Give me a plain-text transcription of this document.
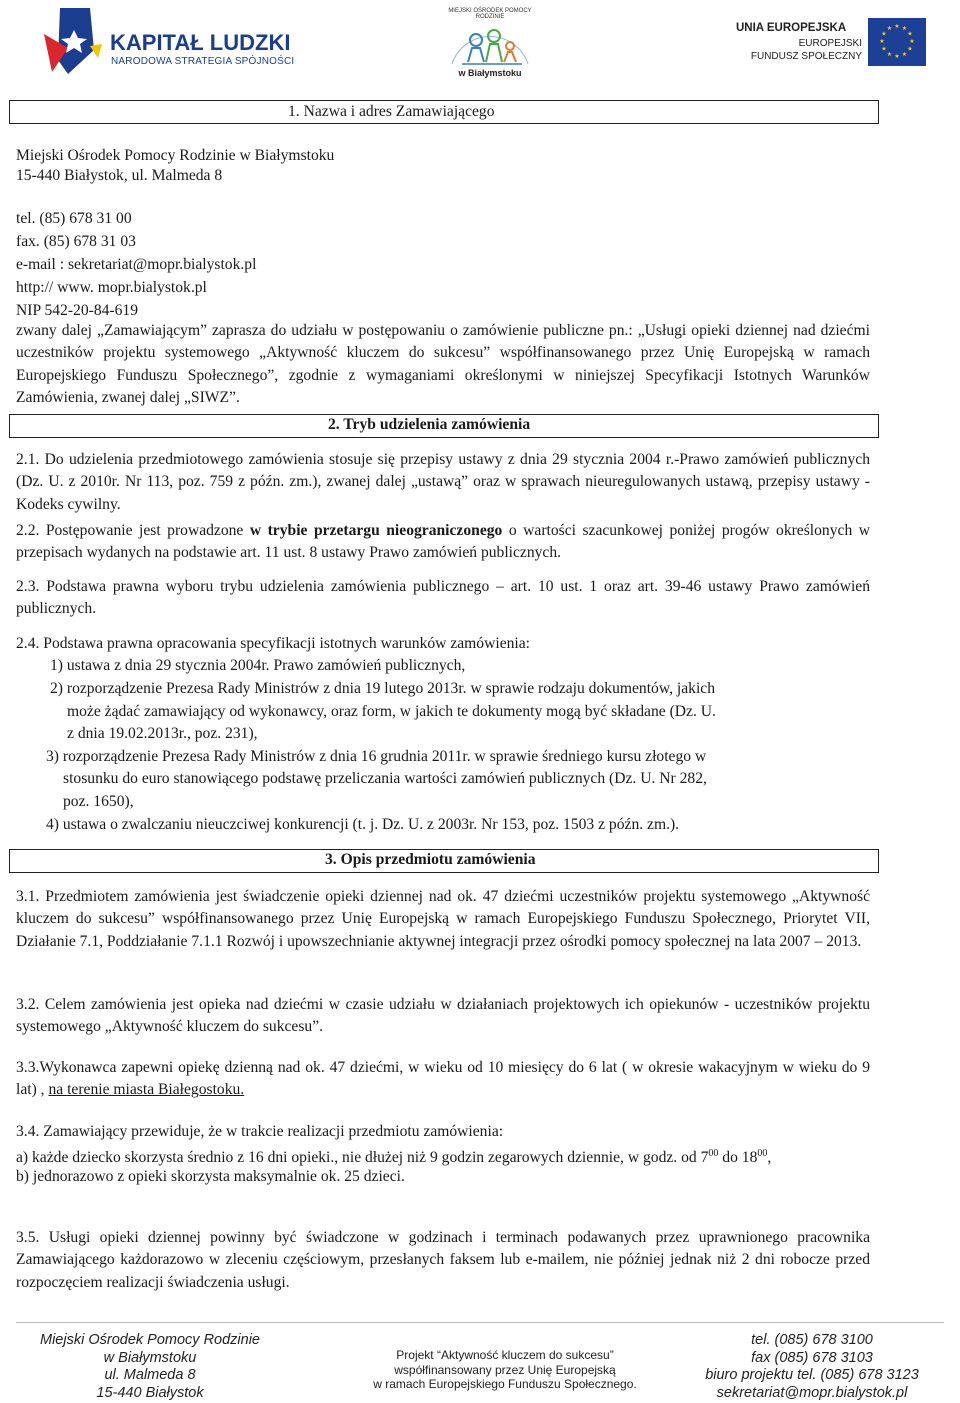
KAPITAŁ LUDZKI
NARODOWA STRATEGIA SPÓJNOŚCI
MIEJSKI OŚRODEK POMOCY RODZINIE
w Białymstoku
UNIA EUROPEJSKA
EUROPEJSKI
FUNDUSZ SPOŁECZNY
★ ★
★
★
★
★
★
★
★
★
★
★
1. Nazwa i adres Zamawiającego
Miejski Ośrodek Pomocy Rodzinie w Białymstoku
15-440 Białystok, ul. Malmeda 8
tel. (85) 678 31 00
fax. (85) 678 31 03
e-mail : sekretariat@mopr.bialystok.pl
http:// www. mopr.bialystok.pl
NIP 542-20-84-619
zwany dalej „Zamawiającym” zaprasza do udziału w postępowaniu o zamówienie publiczne pn.: „Usługi opieki dziennej nad dziećmi uczestników projektu systemowego „Aktywność kluczem do sukcesu” współfinansowanego przez Unię Europejską w ramach Europejskiego Funduszu Społecznego”, zgodnie z wymaganiami określonymi w niniejszej Specyfikacji Istotnych Warunków Zamówienia, zwanej dalej „SIWZ”.
2. Tryb udzielenia zamówienia
2.1. Do udzielenia przedmiotowego zamówienia stosuje się przepisy ustawy z dnia 29 stycznia 2004 r.-Prawo zamówień publicznych (Dz. U. z 2010r. Nr 113, poz. 759 z późn. zm.), zwanej dalej „ustawą” oraz w sprawach nieuregulowanych ustawą, przepisy ustawy - Kodeks cywilny.
2.2. Postępowanie jest prowadzone w trybie przetargu nieograniczonego o wartości szacunkowej poniżej progów określonych w przepisach wydanych na podstawie art. 11 ust. 8 ustawy Prawo zamówień publicznych.
2.3. Podstawa prawna wyboru trybu udzielenia zamówienia publicznego – art. 10 ust. 1 oraz art. 39-46 ustawy Prawo zamówień publicznych.
2.4. Podstawa prawna opracowania specyfikacji istotnych warunków zamówienia:
1) ustawa z dnia 29 stycznia 2004r. Prawo zamówień publicznych,
2) rozporządzenie Prezesa Rady Ministrów z dnia 19 lutego 2013r. w sprawie rodzaju dokumentów, jakich
może żądać zamawiający od wykonawcy, oraz form, w jakich te dokumenty mogą być składane (Dz. U.
z dnia 19.02.2013r., poz. 231),
3) rozporządzenie Prezesa Rady Ministrów z dnia 16 grudnia 2011r. w sprawie średniego kursu złotego w
stosunku do euro stanowiącego podstawę przeliczania wartości zamówień publicznych (Dz. U. Nr 282,
poz. 1650),
4) ustawa o zwalczaniu nieuczciwej konkurencji (t. j. Dz. U. z 2003r. Nr 153, poz. 1503 z późn. zm.).
3. Opis przedmiotu zamówienia
3.1. Przedmiotem zamówienia jest świadczenie opieki dziennej nad ok. 47 dziećmi uczestników projektu systemowego „Aktywność kluczem do sukcesu” współfinansowanego przez Unię Europejską w ramach Europejskiego Funduszu Społecznego, Priorytet VII, Działanie 7.1, Poddziałanie 7.1.1 Rozwój i upowszechnianie aktywnej integracji przez ośrodki pomocy społecznej na lata 2007 – 2013.
3.2. Celem zamówienia jest opieka nad dziećmi w czasie udziału w działaniach projektowych ich opiekunów - uczestników projektu systemowego „Aktywność kluczem do sukcesu”.
3.3.Wykonawca zapewni opiekę dzienną nad ok. 47 dziećmi, w wieku od 10 miesięcy do 6 lat ( w okresie wakacyjnym w wieku do 9 lat) , na terenie miasta Białegostoku.
3.4. Zamawiający przewiduje, że w trakcie realizacji przedmiotu zamówienia:
a) każde dziecko skorzysta średnio z 16 dni opieki., nie dłużej niż 9 godzin zegarowych dziennie, w godz. od $7^{00}$ do $18^{00}$,
b) jednorazowo z opieki skorzysta maksymalnie ok. 25 dzieci.
3.5. Usługi opieki dziennej powinny być świadczone w godzinach i terminach podawanych przez uprawnionego pracownika Zamawiającego każdorazowo w zleceniu częściowym, przesłanych faksem lub e-mailem, nie później jednak niż 2 dni robocze przed rozpoczęciem realizacji świadczenia usługi.
Miejski Ośrodek Pomocy Rodzinie
w Białymstoku
ul. Malmeda 8
15-440 Białystok
Projekt “Aktywność kluczem do sukcesu”
współfinansowany przez Unię Europejską
w ramach Europejskiego Funduszu Społecznego.
tel. (085) 678 3100
fax (085) 678 3103
biuro projektu tel. (085) 678 3123
sekretariat@mopr.bialystok.pl
